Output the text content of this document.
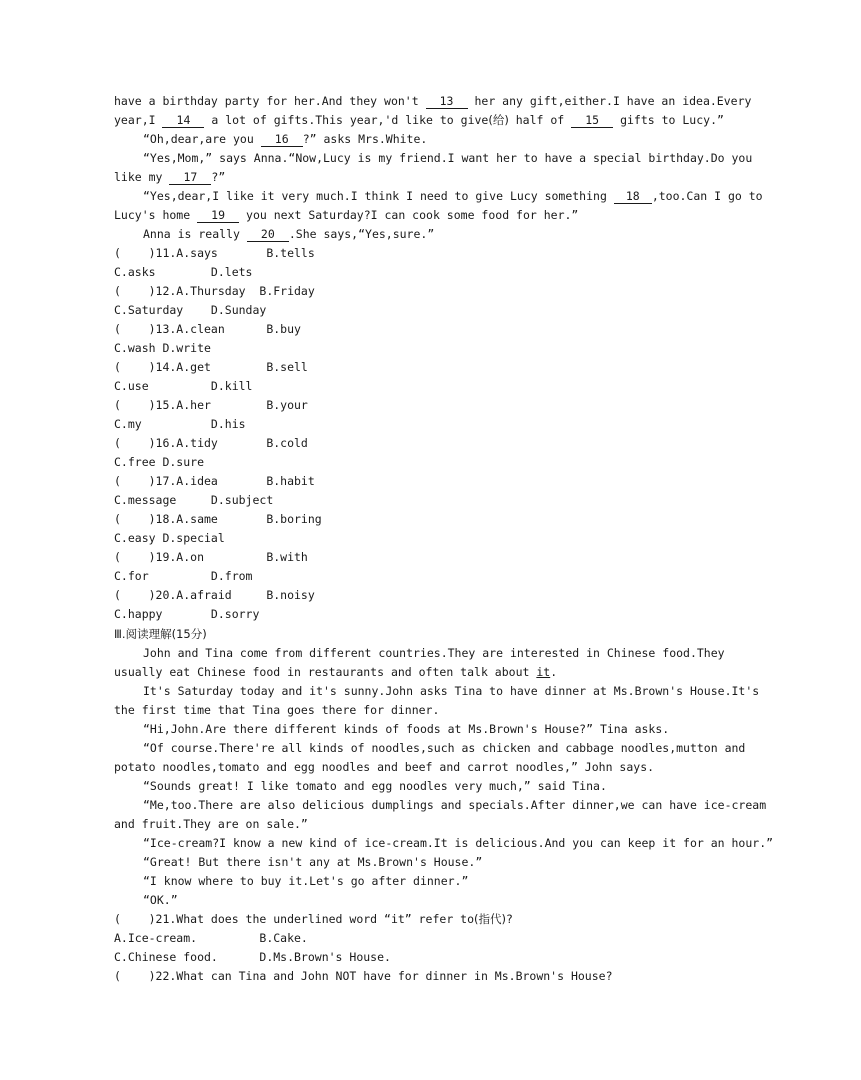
have a birthday party for her.And they won't 13 her any gift,either.I have an idea.Every
year,I 14 a lot of gifts.This year,'d like to give(给) half of 15 gifts to Lucy.”
“Oh,dear,are you 16 ?” asks Mrs.White.
“Yes,Mom,” says Anna.“Now,Lucy is my friend.I want her to have a special birthday.Do you
like my 17 ?”
“Yes,dear,I like it very much.I think I need to give Lucy something 18 ,too.Can I go to
Lucy's home 19 you next Saturday?I can cook some food for her.”
Anna is really 20 .She says,“Yes,sure.”
(    )11.A.says       B.tells
C.asks        D.lets
(    )12.A.Thursday  B.Friday
C.Saturday    D.Sunday
(    )13.A.clean      B.buy
C.wash D.write
(    )14.A.get        B.sell
C.use         D.kill
(    )15.A.her        B.your
C.my          D.his
(    )16.A.tidy       B.cold
C.free D.sure
(    )17.A.idea       B.habit
C.message     D.subject
(    )18.A.same       B.boring
C.easy D.special
(    )19.A.on         B.with
C.for         D.from
(    )20.A.afraid     B.noisy
C.happy       D.sorry
Ⅲ.阅读理解(15分)
John and Tina come from different countries.They are interested in Chinese food.They
usually eat Chinese food in restaurants and often talk about it.
It's Saturday today and it's sunny.John asks Tina to have dinner at Ms.Brown's House.It's
the first time that Tina goes there for dinner.
“Hi,John.Are there different kinds of foods at Ms.Brown's House?” Tina asks.
“Of course.There're all kinds of noodles,such as chicken and cabbage noodles,mutton and
potato noodles,tomato and egg noodles and beef and carrot noodles,” John says.
“Sounds great! I like tomato and egg noodles very much,” said Tina.
“Me,too.There are also delicious dumplings and specials.After dinner,we can have ice-cream
and fruit.They are on sale.”
“Ice-cream?I know a new kind of ice-cream.It is delicious.And you can keep it for an hour.”
“Great! But there isn't any at Ms.Brown's House.”
“I know where to buy it.Let's go after dinner.”
“OK.”
(    )21.What does the underlined word “it” refer to(指代)?
A.Ice-cream.         B.Cake.
C.Chinese food.      D.Ms.Brown's House.
(    )22.What can Tina and John NOT have for dinner in Ms.Brown's House?
